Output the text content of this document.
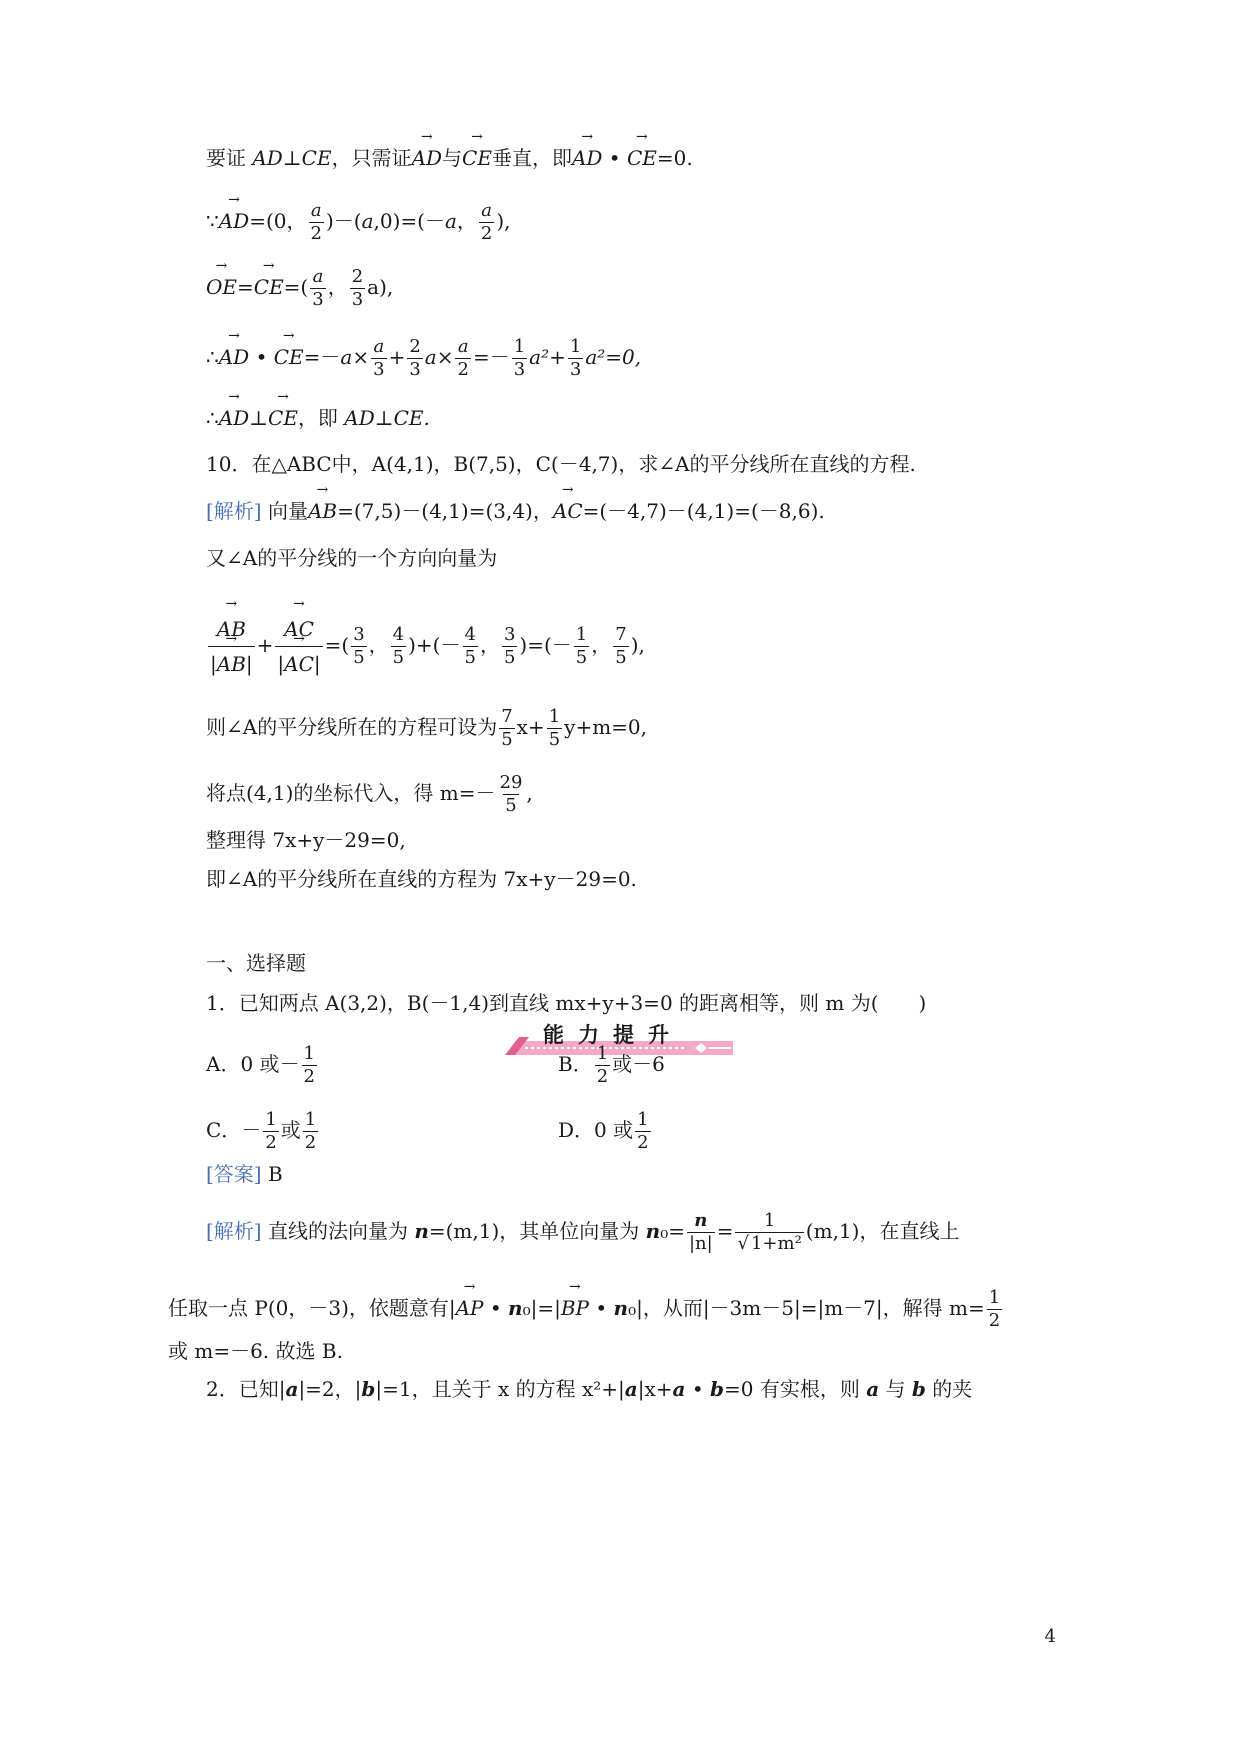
要证 AD⊥CE，只需证→ AD与→ CE垂直，即→ AD • → CE=0.
∵→ AD=(0， $\frac{a}{2} )-(a,0)=(-a$， $\frac{a}{2}$ ),
→ $OE=\to CE=( \frac{a}{3}$ ， $\frac{2}{3} a$),
∴→ AD • → $CE=-a\times \frac{a}{3} + \frac{2}{3} a\times \frac{a}{2} =- \frac{1}{3} a^2+ \frac{1}{3} a^2=0$,
∴→ AD⊥→ CE，即 AD⊥CE.
10．在△ABC中，A(4,1)，B(7,5)，C(－4,7)，求∠A的平分线所在直线的方程.
[解析] 向量→ AB=(7,5)－(4,1)=(3,4)，→ AC=(－4,7)－(4,1)=(－8,6).
又∠A的平分线的一个方向向量为
→ $\frac{AB}{|\to AB|}$ +
→ $\frac{AC}{|\to AC|}$ =( $\frac{3}{5}$ ， $\frac{4}{5}$ )+(－ $\frac{4}{5}$ ， $\frac{3}{5}$ )=(－ $\frac{1}{5}$ ， $\frac{7}{5}$ ),
则∠A的平分线所在的方程可设为 $\frac{7}{5} x+ \frac{1}{5} y+m=0$,
将点(4,1)的坐标代入，得 $m=- \frac{29}{5}$ ,
整理得 7x+y－29=0,
即∠A的平分线所在直线的方程为 7x+y－29=0.
能力提升
一、选择题
1．已知两点 A(3,2)，B(－1,4)到直线 mx+y+3=0 的距离相等，则 m 为(　　)
A．0 或－ $\frac{1}{2}$	B． $\frac{1}{2}$ 或－6
C．－ $\frac{1}{2}$ 或 $\frac{1}{2}$	D．0 或 $\frac{1}{2}$
[答案] B
[解析] 直线的法向量为 n=(m,1)，其单位向量为 $n_0= \frac{n}{|n|} = \frac{1}{\text{√ 1+m²}} (m,1)$，在直线上
任取一点 P(0，－3)，依题意有|→ AP • n₀|=|→ BP • n₀|，从而|－3m－5|=|m－7|，解得 $m= \frac{1}{2}$
或 m=－6. 故选 B.
2．已知|a|=2，|b|=1，且关于 x 的方程 x²+|a|x+a • b=0 有实根，则 a 与 b 的夹
4
